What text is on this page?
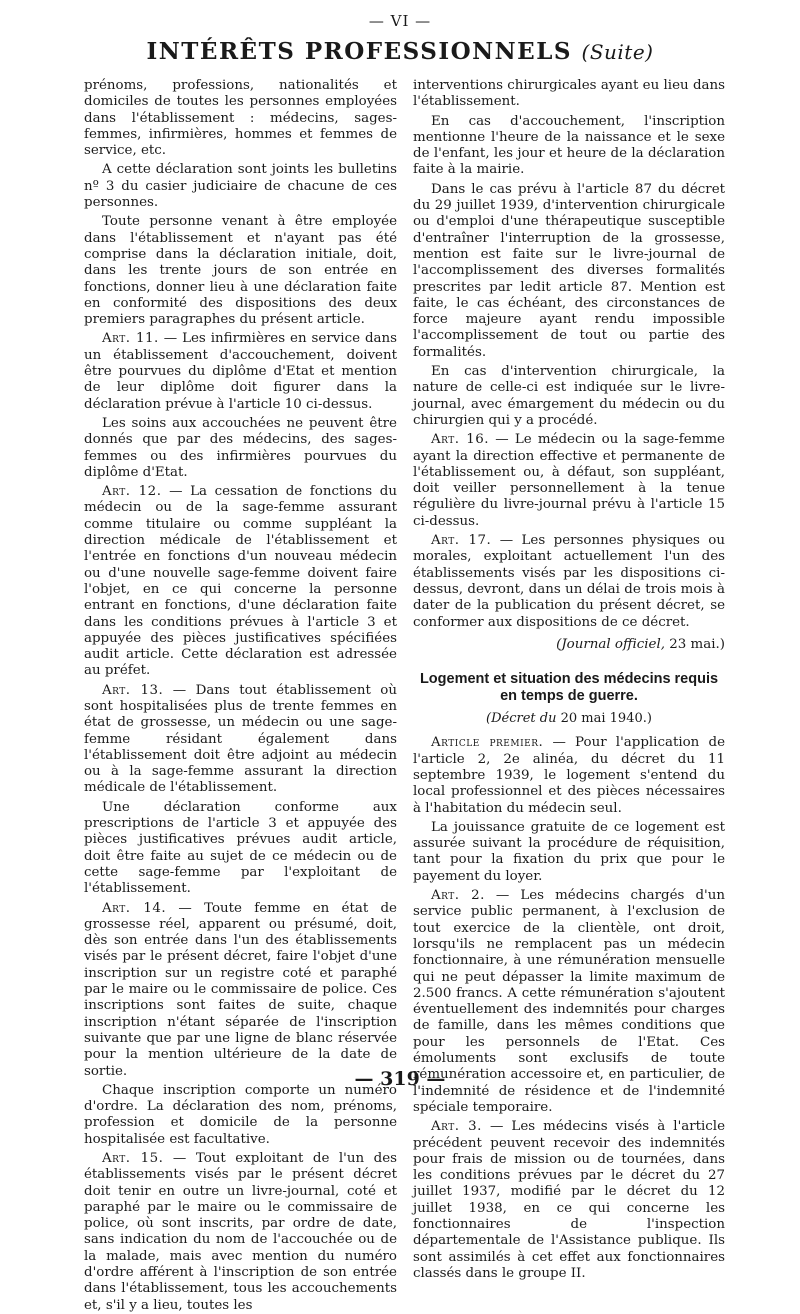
— VI —
INTÉRÊTS PROFESSIONNELS (Suite)

prénoms, professions, nationalités et domiciles de toutes les personnes employées dans l'établissement : médecins, sages-femmes, infirmières, hommes et femmes de service, etc.

A cette déclaration sont joints les bulletins nº 3 du casier judiciaire de chacune de ces personnes.

Toute personne venant à être employée dans l'établissement et n'ayant pas été comprise dans la déclaration initiale, doit, dans les trente jours de son entrée en fonctions, donner lieu à une déclaration faite en conformité des dispositions des deux premiers paragraphes du présent article.

Art. 11. — Les infirmières en service dans un établissement d'accouchement, doivent être pourvues du diplôme d'Etat et mention de leur diplôme doit figurer dans la déclaration prévue à l'article 10 ci-dessus.

Les soins aux accouchées ne peuvent être donnés que par des médecins, des sages-femmes ou des infirmières pourvues du diplôme d'Etat.

Art. 12. — La cessation de fonctions du médecin ou de la sage-femme assurant comme titulaire ou comme suppléant la direction médicale de l'établissement et l'entrée en fonctions d'un nouveau médecin ou d'une nouvelle sage-femme doivent faire l'objet, en ce qui concerne la personne entrant en fonctions, d'une déclaration faite dans les conditions prévues à l'article 3 et appuyée des pièces justificatives spécifiées audit article. Cette déclaration est adressée au préfet.

Art. 13. — Dans tout établissement où sont hospitalisées plus de trente femmes en état de grossesse, un médecin ou une sage-femme résidant également dans l'établissement doit être adjoint au médecin ou à la sage-femme assurant la direction médicale de l'établissement.

Une déclaration conforme aux prescriptions de l'article 3 et appuyée des pièces justificatives prévues audit article, doit être faite au sujet de ce médecin ou de cette sage-femme par l'exploitant de l'établissement.

Art. 14. — Toute femme en état de grossesse réel, apparent ou présumé, doit, dès son entrée dans l'un des établissements visés par le présent décret, faire l'objet d'une inscription sur un registre coté et paraphé par le maire ou le commissaire de police. Ces inscriptions sont faites de suite, chaque inscription n'étant séparée de l'inscription suivante que par une ligne de blanc réservée pour la mention ultérieure de la date de sortie.

Chaque inscription comporte un numéro d'ordre. La déclaration des nom, prénoms, profession et domicile de la personne hospitalisée est facultative.

Art. 15. — Tout exploitant de l'un des établissements visés par le présent décret doit tenir en outre un livre-journal, coté et paraphé par le maire ou le commissaire de police, où sont inscrits, par ordre de date, sans indication du nom de l'accouchée ou de la malade, mais avec mention du numéro d'ordre afférent à l'inscription de son entrée dans l'établissement, tous les accouchements et, s'il y a lieu, toutes les

interventions chirurgicales ayant eu lieu dans l'établissement.

En cas d'accouchement, l'inscription mentionne l'heure de la naissance et le sexe de l'enfant, les jour et heure de la déclaration faite à la mairie.

Dans le cas prévu à l'article 87 du décret du 29 juillet 1939, d'intervention chirurgicale ou d'emploi d'une thérapeutique susceptible d'entraîner l'interruption de la grossesse, mention est faite sur le livre-journal de l'accomplissement des diverses formalités prescrites par ledit article 87. Mention est faite, le cas échéant, des circonstances de force majeure ayant rendu impossible l'accomplissement de tout ou partie des formalités.

En cas d'intervention chirurgicale, la nature de celle-ci est indiquée sur le livre-journal, avec émargement du médecin ou du chirurgien qui y a procédé.

Art. 16. — Le médecin ou la sage-femme ayant la direction effective et permanente de l'établissement ou, à défaut, son suppléant, doit veiller personnellement à la tenue régulière du livre-journal prévu à l'article 15 ci-dessus.

Art. 17. — Les personnes physiques ou morales, exploitant actuellement l'un des établissements visés par les dispositions ci-dessus, devront, dans un délai de trois mois à dater de la publication du présent décret, se conformer aux dispositions de ce décret.

(Journal officiel, 23 mai.)
Logement et situation des médecins requis en temps de guerre.
(Décret du 20 mai 1940.)

Article premier. — Pour l'application de l'article 2, 2e alinéa, du décret du 11 septembre 1939, le logement s'entend du local professionnel et des pièces nécessaires à l'habitation du médecin seul.

La jouissance gratuite de ce logement est assurée suivant la procédure de réquisition, tant pour la fixation du prix que pour le payement du loyer.

Art. 2. — Les médecins chargés d'un service public permanent, à l'exclusion de tout exercice de la clientèle, ont droit, lorsqu'ils ne remplacent pas un médecin fonctionnaire, à une rémunération mensuelle qui ne peut dépasser la limite maximum de 2.500 francs. A cette rémunération s'ajoutent éventuellement des indemnités pour charges de famille, dans les mêmes conditions que pour les personnels de l'Etat. Ces émoluments sont exclusifs de toute rémunération accessoire et, en particulier, de l'indemnité de résidence et de l'indemnité spéciale temporaire.

Art. 3. — Les médecins visés à l'article précédent peuvent recevoir des indemnités pour frais de mission ou de tournées, dans les conditions prévues par le décret du 27 juillet 1937, modifié par le décret du 12 juillet 1938, en ce qui concerne les fonctionnaires de l'inspection départementale de l'Assistance publique. Ils sont assimilés à cet effet aux fonctionnaires classés dans le groupe II.

— 319 —
